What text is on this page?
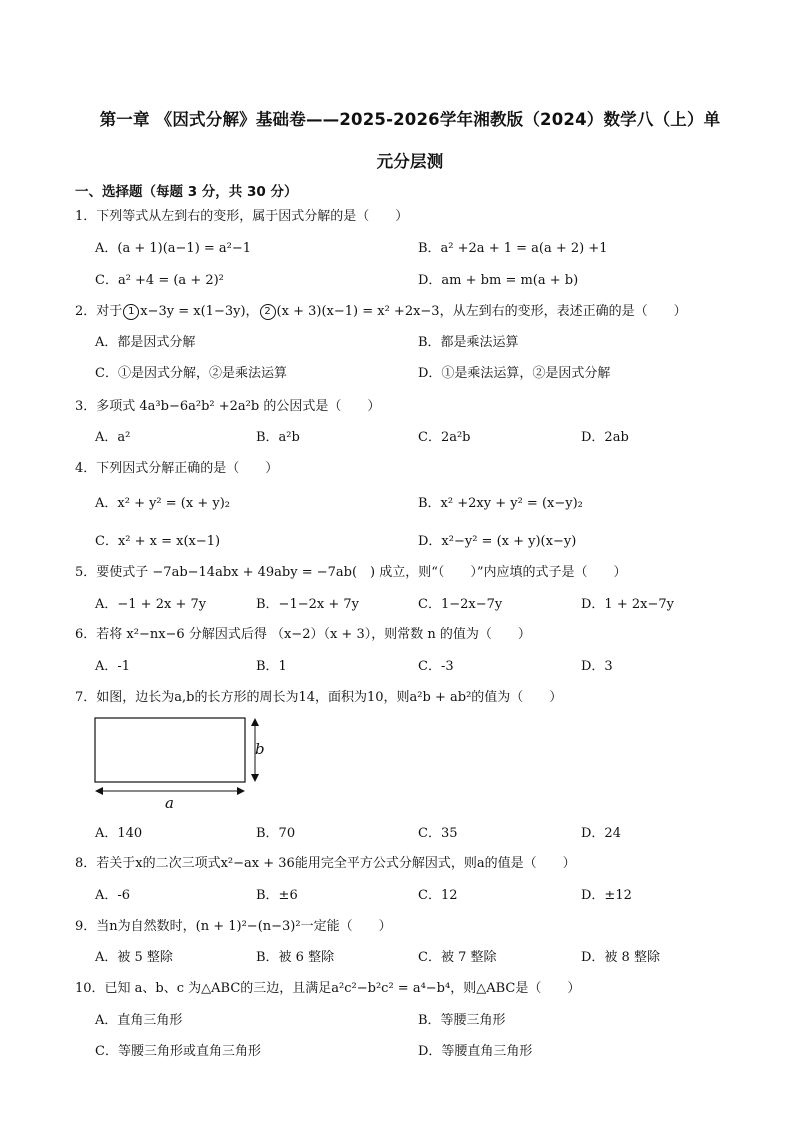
第一章 《因式分解》基础卷——2025-2026学年湘教版（2024）数学八（上）单
元分层测
一、选择题（每题 3 分，共 30 分）
1．下列等式从左到右的变形，属于因式分解的是（　　）
A．(a + 1)(a−1) = a²−1	B．a² +2a + 1 = a(a + 2) +1
C．a² +4 = (a + 2)²	D．am + bm = m(a + b)
2．对于 1 x−3y = x(1−3y)， 2 (x + 3)(x−1) = x² +2x−3，从左到右的变形，表述正确的是（　　）
A．都是因式分解	B．都是乘法运算
C．①是因式分解，②是乘法运算	D．①是乘法运算，②是因式分解
3．多项式 4a³b−6a²b² +2a²b 的公因式是（　　）
A．a²	B．a²b	C．2a²b	D．2ab
4．下列因式分解正确的是（　　）
A．x² + y² = (x + y)₂	B．x² +2xy + y² = (x−y)₂
C．x² + x = x(x−1)	D．x²−y² = (x + y)(x−y)
5．要使式子 −7ab−14abx + 49aby = −7ab(　) 成立，则“（　　）”内应填的式子是（　　）
A．−1 + 2x + 7y	B．−1−2x + 7y	C．1−2x−7y	D．1 + 2x−7y
6．若将 x²−nx−6 分解因式后得 （x−2）（x + 3），则常数 n 的值为（　　）
A．-1	B．1	C．-3	D．3
7．如图，边长为a,b的长方形的周长为14，面积为10，则a²b + ab²的值为（　　）
b
a
A．140	B．70	C．35	D．24
8．若关于x的二次三项式x²−ax + 36能用完全平方公式分解因式，则a的值是（　　）
A．-6	B．±6	C．12	D．±12
9．当n为自然数时，(n + 1)²−(n−3)²一定能（　　）
A．被 5 整除	B．被 6 整除	C．被 7 整除	D．被 8 整除
10．已知 a、b、c 为△ABC的三边，且满足a²c²−b²c² = a⁴−b⁴，则△ABC是（　　）
A．直角三角形	B．等腰三角形
C．等腰三角形或直角三角形	D．等腰直角三角形
